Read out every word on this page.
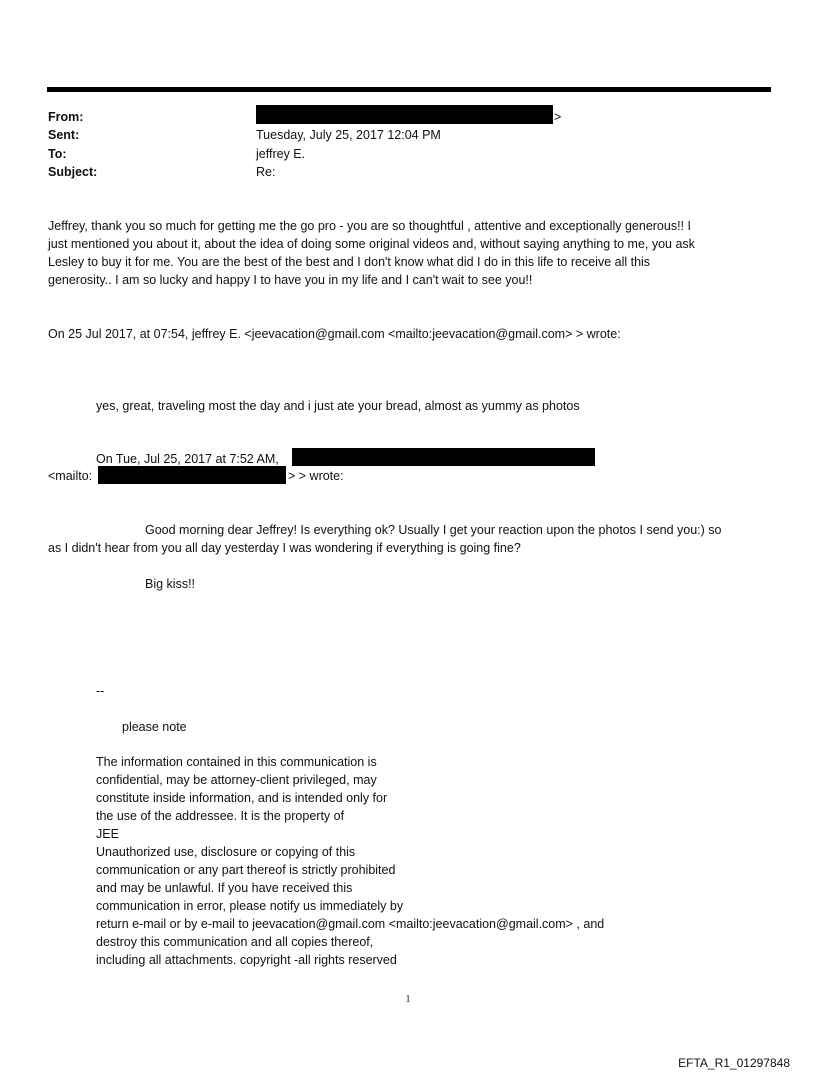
From:	>
Sent:	Tuesday, July 25, 2017 12:04 PM
To:	jeffrey E.
Subject:	Re:
Jeffrey, thank you so much for getting me the go pro - you are so thoughtful , attentive and exceptionally generous!! I
just mentioned you about it, about the idea of doing some original videos and, without saying anything to me, you ask
Lesley to buy it for me. You are the best of the best and I don't know what did I do in this life to receive all this
generosity.. I am so lucky and happy I to have you in my life and I can't wait to see you!!
On 25 Jul 2017, at 07:54, jeffrey E. <jeevacation@gmail.com <mailto:jeevacation@gmail.com> > wrote:
yes, great, traveling most the day and i just ate your bread, almost as yummy as photos
On Tue, Jul 25, 2017 at 7:52 AM,
<mailto:	> > wrote:
Good morning dear Jeffrey! Is everything ok? Usually I get your reaction upon the photos I send you:) so
as I didn't hear from you all day yesterday I was wondering if everything is going fine?
Big kiss!!
--
please note
The information contained in this communication is
confidential, may be attorney-client privileged, may
constitute inside information, and is intended only for
the use of the addressee. It is the property of
JEE
Unauthorized use, disclosure or copying of this
communication or any part thereof is strictly prohibited
and may be unlawful. If you have received this
communication in error, please notify us immediately by
return e-mail or by e-mail to jeevacation@gmail.com <mailto:jeevacation@gmail.com> , and
destroy this communication and all copies thereof,
including all attachments. copyright -all rights reserved
1
EFTA_R1_01297848
